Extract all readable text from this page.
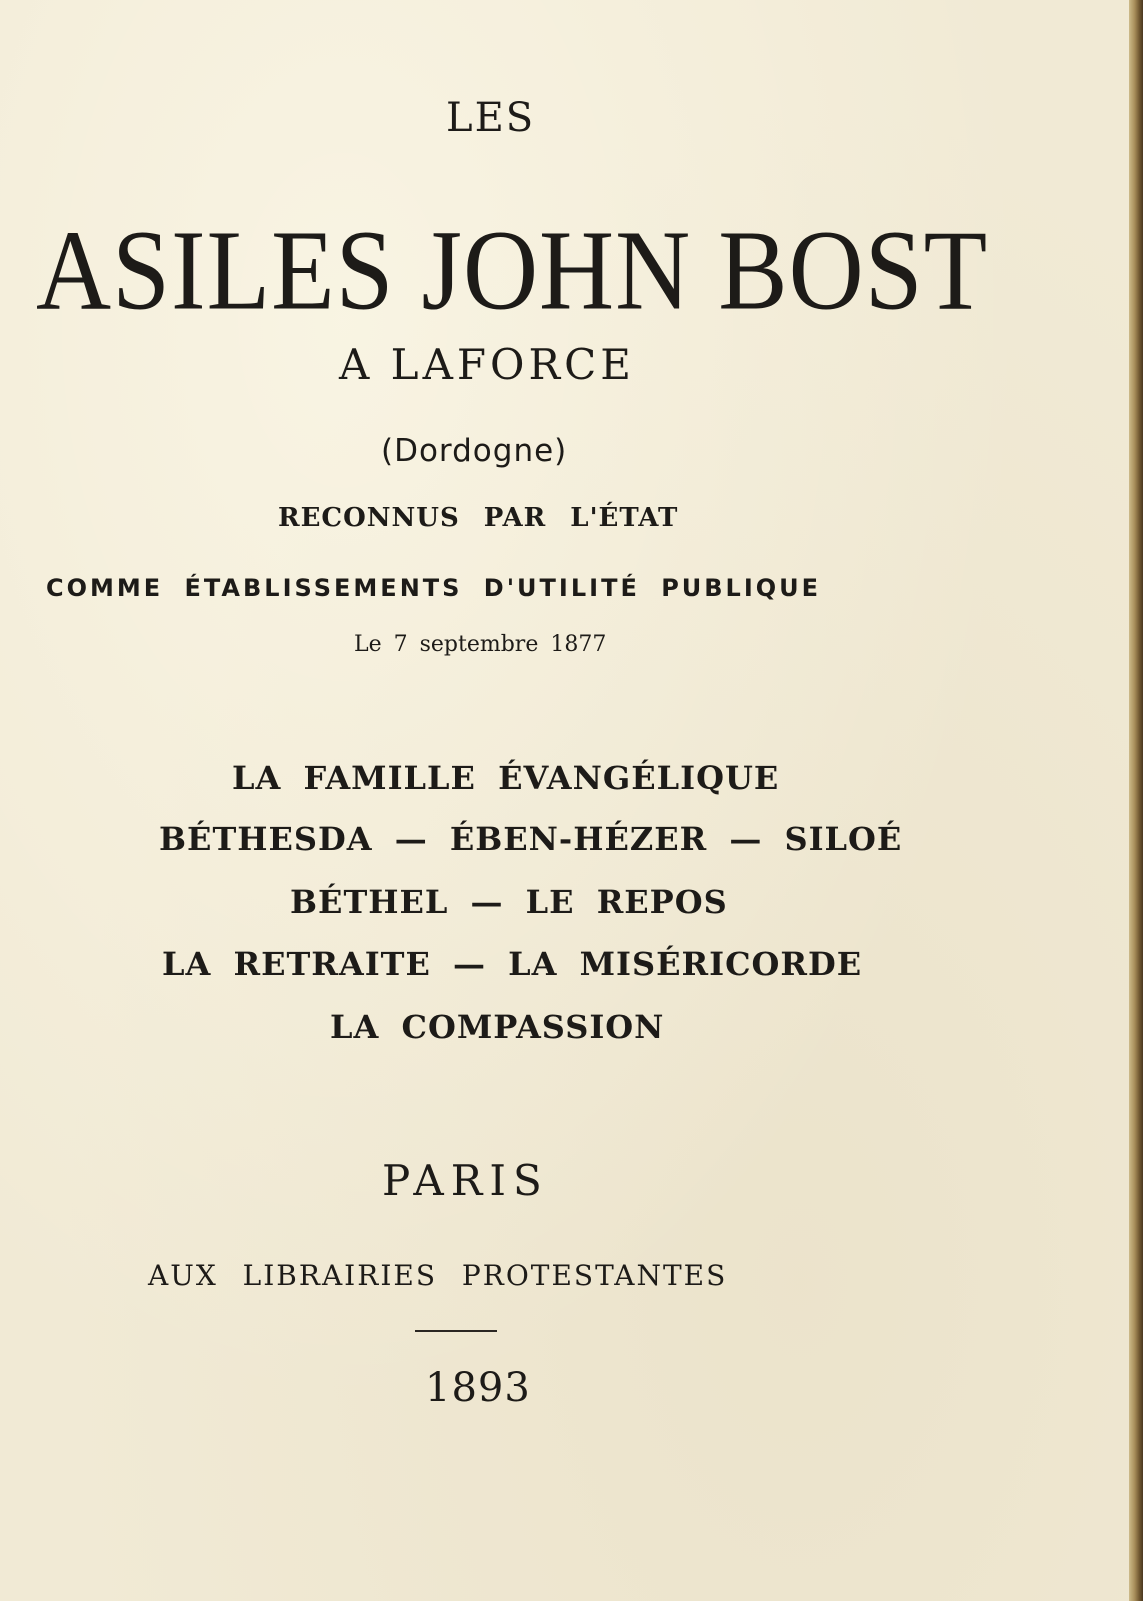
LES

ASILES JOHN BOST

A LAFORCE

(Dordogne)

RECONNUS PAR L'ÉTAT

COMME ÉTABLISSEMENTS D'UTILITÉ PUBLIQUE

Le 7 septembre 1877

LA FAMILLE ÉVANGÉLIQUE

BÉTHESDA — ÉBEN-HÉZER — SILOÉ

BÉTHEL — LE REPOS

LA RETRAITE — LA MISÉRICORDE

LA COMPASSION

PARIS

AUX LIBRAIRIES PROTESTANTES

1893
